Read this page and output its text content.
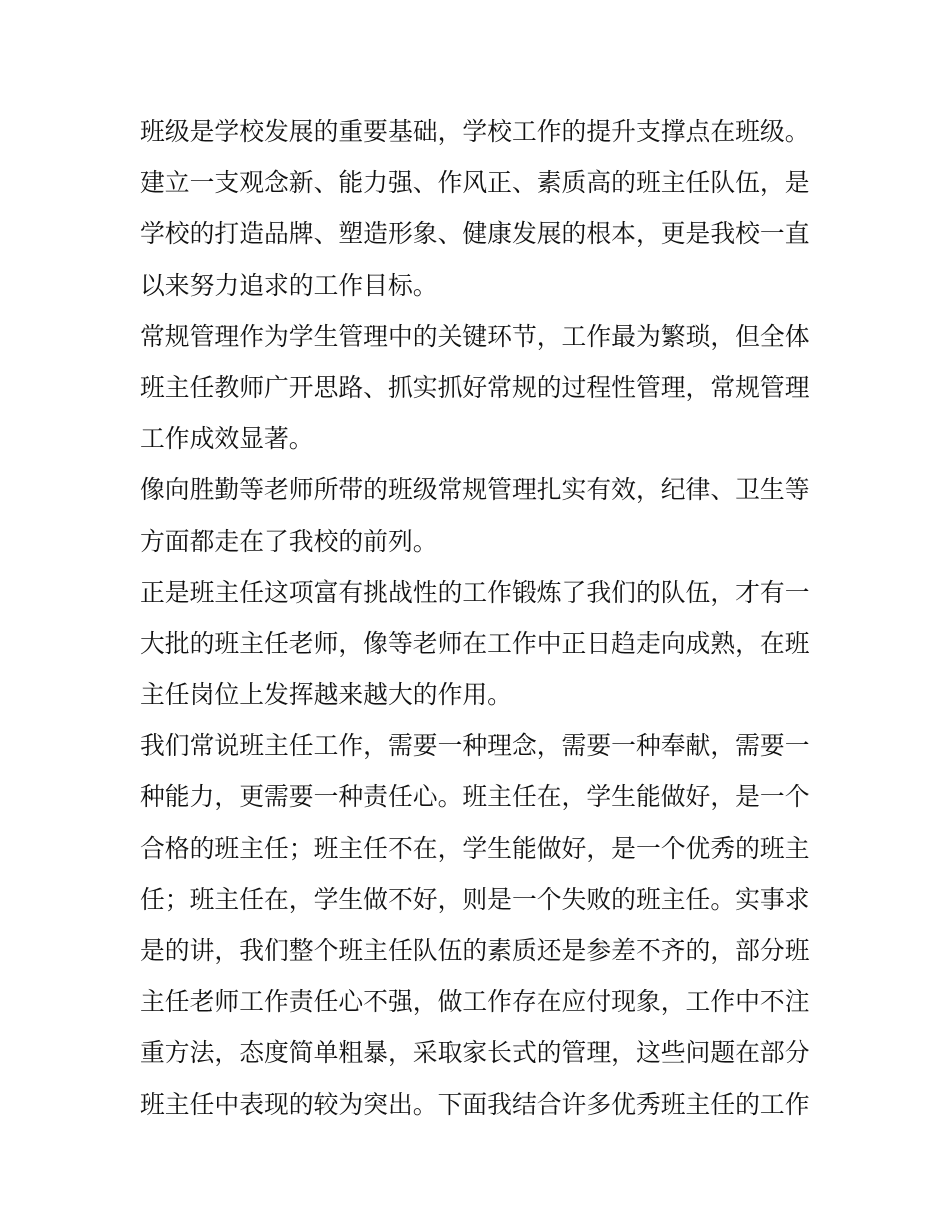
班级是学校发展的重要基础，学校工作的提升支撑点在班级。
建立一支观念新、能力强、作风正、素质高的班主任队伍，是
学校的打造品牌、塑造形象、健康发展的根本，更是我校一直
以来努力追求的工作目标。
常规管理作为学生管理中的关键环节，工作最为繁琐，但全体
班主任教师广开思路、抓实抓好常规的过程性管理，常规管理
工作成效显著。
像向胜勤等老师所带的班级常规管理扎实有效，纪律、卫生等
方面都走在了我校的前列。
正是班主任这项富有挑战性的工作锻炼了我们的队伍，才有一
大批的班主任老师，像等老师在工作中正日趋走向成熟，在班
主任岗位上发挥越来越大的作用。
我们常说班主任工作，需要一种理念，需要一种奉献，需要一
种能力，更需要一种责任心。班主任在，学生能做好，是一个
合格的班主任；班主任不在，学生能做好，是一个优秀的班主
任；班主任在，学生做不好，则是一个失败的班主任。实事求
是的讲，我们整个班主任队伍的素质还是参差不齐的，部分班
主任老师工作责任心不强，做工作存在应付现象，工作中不注
重方法，态度简单粗暴，采取家长式的管理，这些问题在部分
班主任中表现的较为突出。下面我结合许多优秀班主任的工作
